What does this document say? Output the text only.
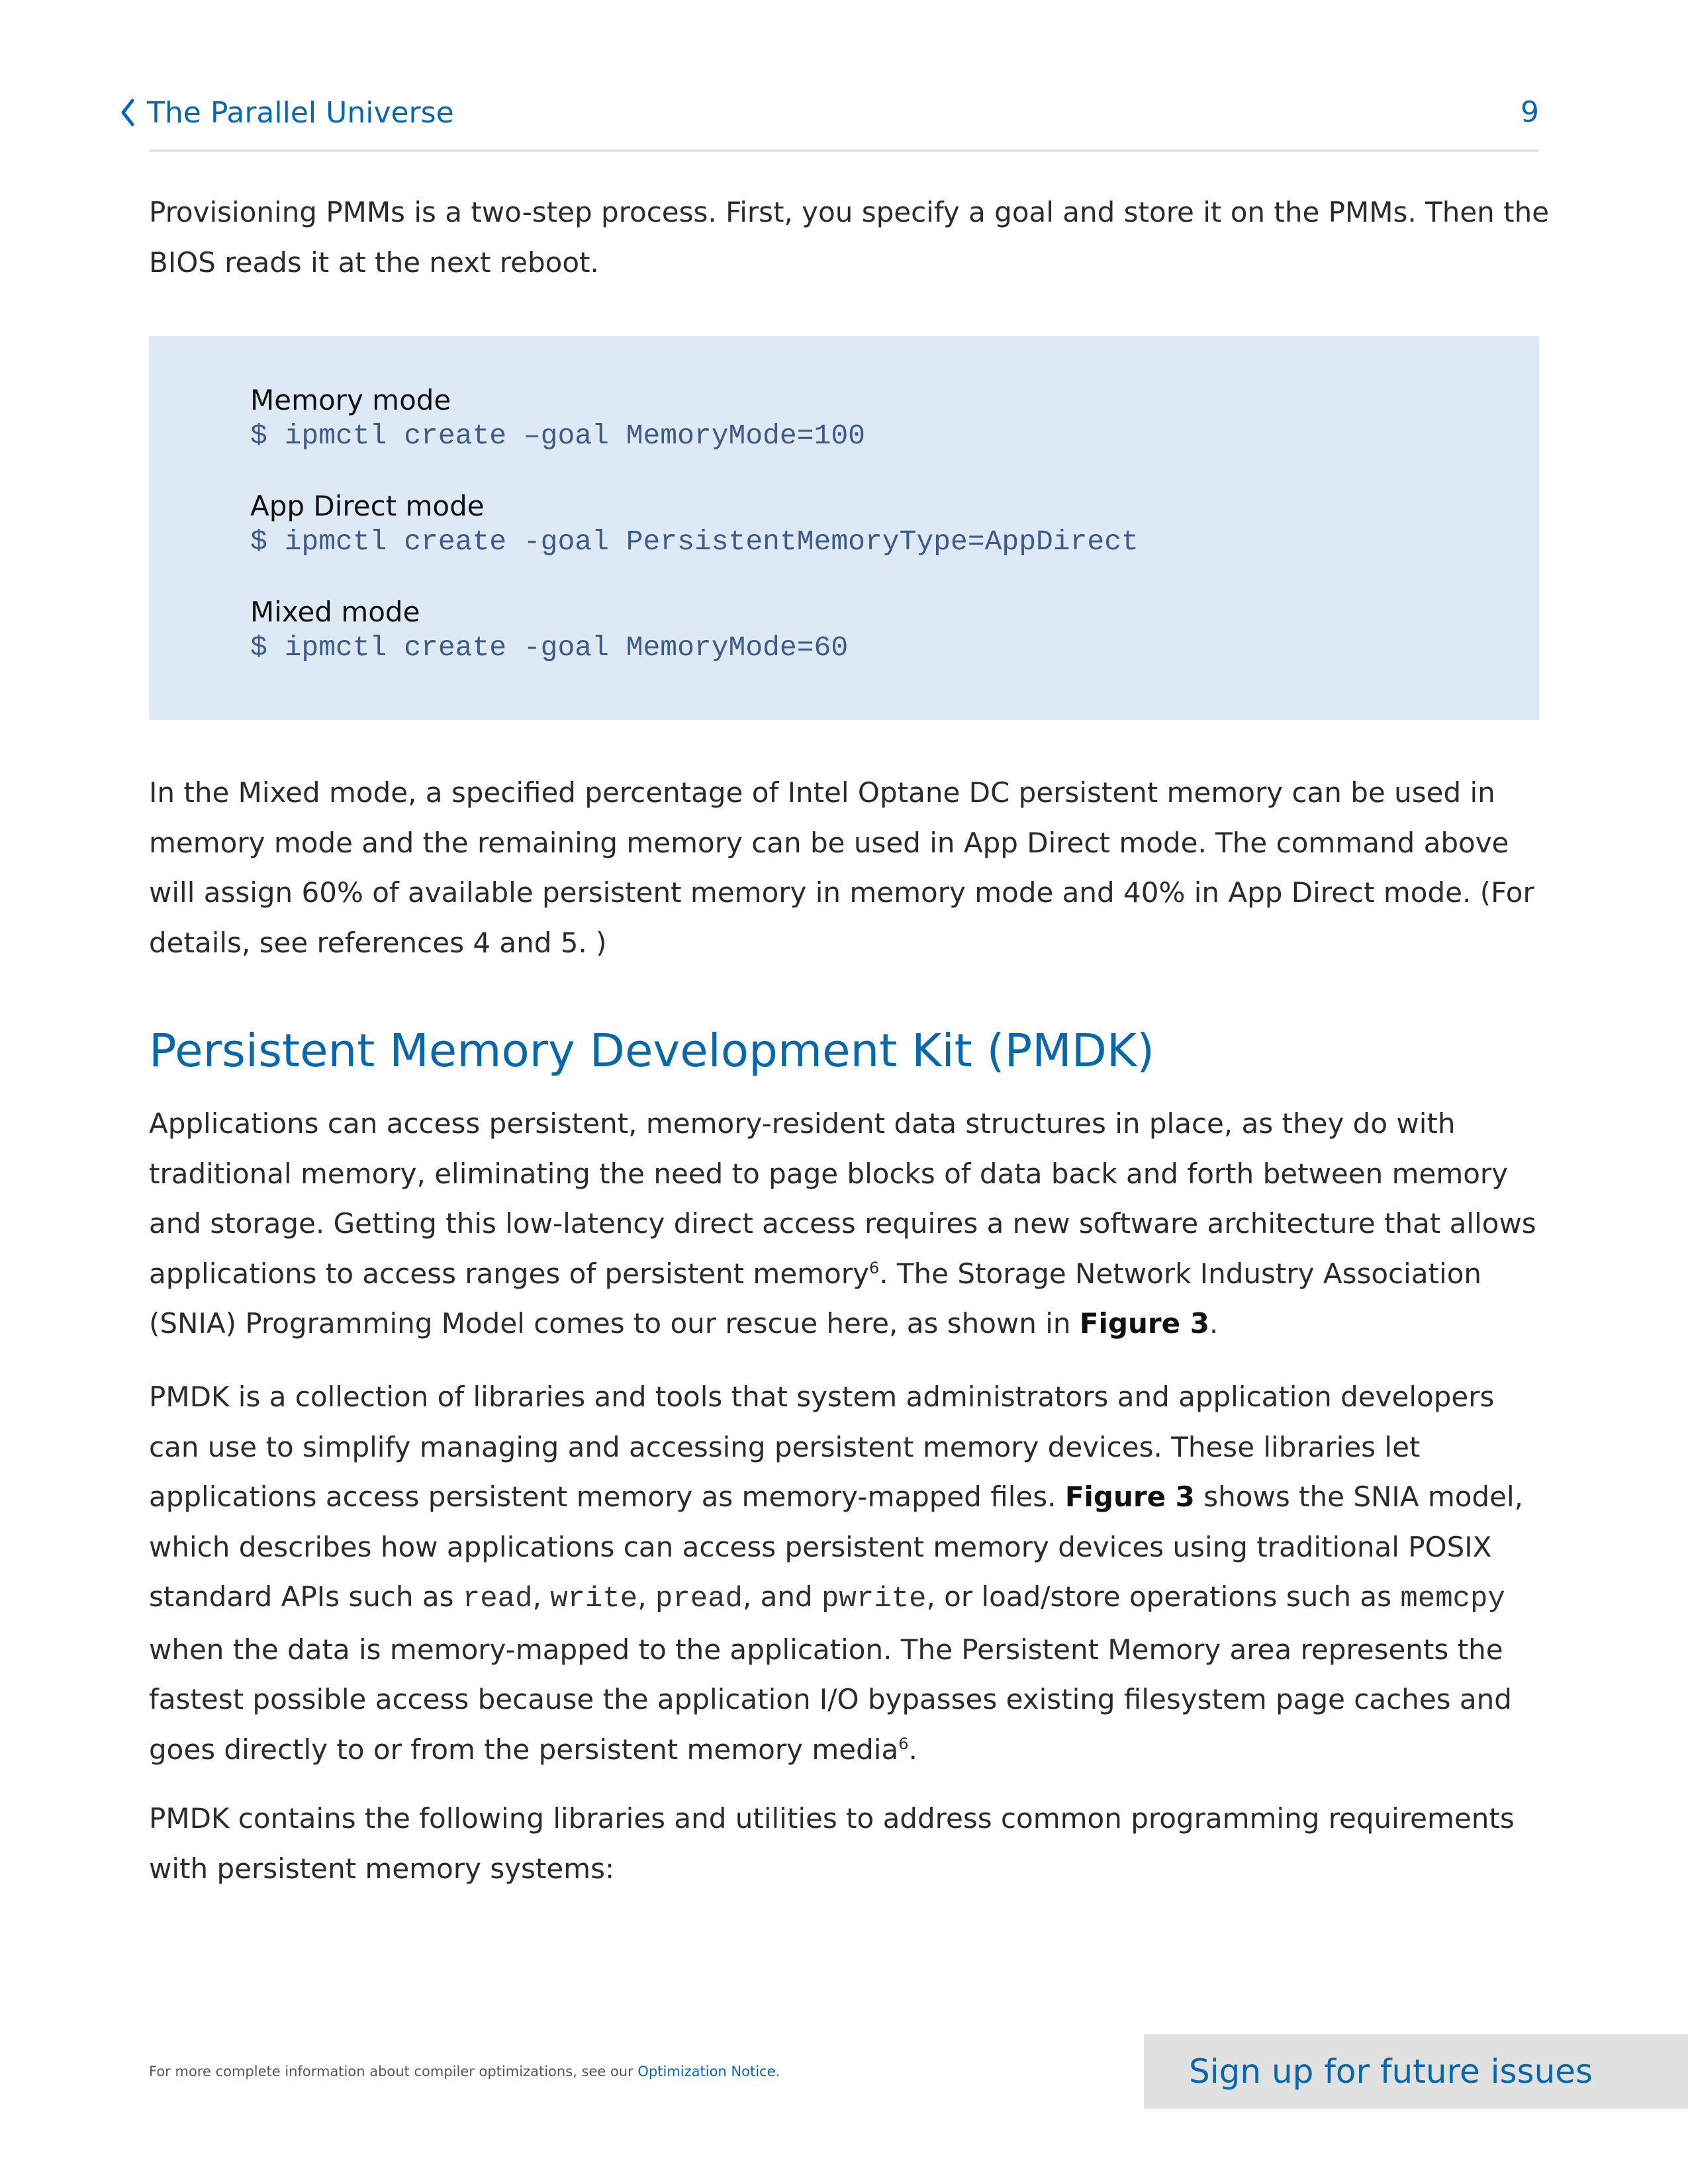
The Parallel Universe	9

Provisioning PMMs is a two-step process. First, you specify a goal and store it on the PMMs. Then the BIOS reads it at the next reboot.

Memory mode
$ ipmctl create –goal MemoryMode=100
App Direct mode
$ ipmctl create -goal PersistentMemoryType=AppDirect
Mixed mode
$ ipmctl create -goal MemoryMode=60

In the Mixed mode, a specified percentage of Intel Optane DC persistent memory can be used in memory mode and the remaining memory can be used in App Direct mode. The command above will assign 60% of available persistent memory in memory mode and 40% in App Direct mode. (For details, see references 4 and 5. )

Persistent Memory Development Kit (PMDK)

Applications can access persistent, memory-resident data structures in place, as they do with traditional memory, eliminating the need to page blocks of data back and forth between memory and storage. Getting this low-latency direct access requires a new software architecture that allows applications to access ranges of persistent memory$^6$. The Storage Network Industry Association (SNIA) Programming Model comes to our rescue here, as shown in Figure 3.

PMDK is a collection of libraries and tools that system administrators and application developers can use to simplify managing and accessing persistent memory devices. These libraries let applications access persistent memory as memory-mapped files. Figure 3 shows the SNIA model, which describes how applications can access persistent memory devices using traditional POSIX standard APIs such as read, write, pread, and pwrite, or load/store operations such as memcpy when the data is memory-mapped to the application. The Persistent Memory area represents the fastest possible access because the application I/O bypasses existing filesystem page caches and goes directly to or from the persistent memory media$^6$.

PMDK contains the following libraries and utilities to address common programming requirements with persistent memory systems:

For more complete information about compiler optimizations, see our Optimization Notice.	Sign up for future issues
